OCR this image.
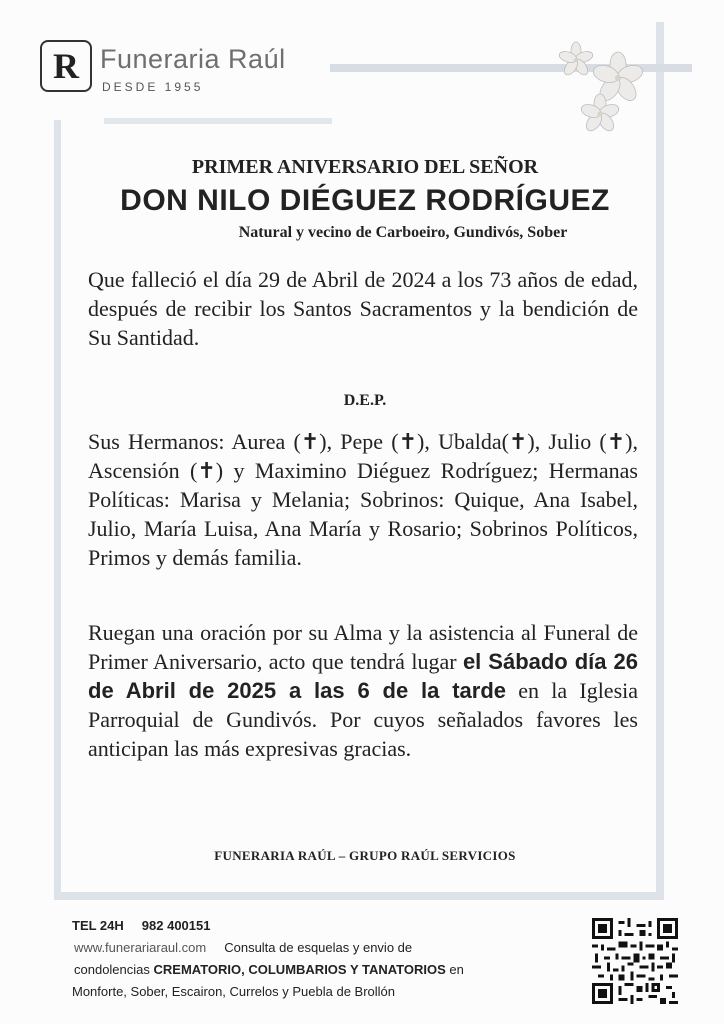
R Funeraria Raúl
DESDE 1955
PRIMER ANIVERSARIO DEL SEÑOR
DON NILO DIÉGUEZ RODRÍGUEZ
Natural y vecino de Carboeiro, Gundivós, Sober
Que falleció el día 29 de Abril de 2024 a los 73 años de edad, después de recibir los Santos Sacramentos y la bendición de Su Santidad.
D.E.P.
Sus Hermanos: Aurea (✝), Pepe (✝), Ubalda(✝), Julio (✝), Ascensión (✝) y Maximino Diéguez Rodríguez; Hermanas Políticas: Marisa y Melania; Sobrinos: Quique, Ana Isabel, Julio, María Luisa, Ana María y Rosario; Sobrinos Políticos, Primos y demás familia.
Ruegan una oración por su Alma y la asistencia al Funeral de Primer Aniversario, acto que tendrá lugar el Sábado día 26 de Abril de 2025 a las 6 de la tarde en la Iglesia Parroquial de Gundivós. Por cuyos señalados favores les anticipan las más expresivas gracias.
FUNERARIA RAÚL – GRUPO RAÚL SERVICIOS
TEL 24H 982 400151
www.funerariaraul.com Consulta de esquelas y envio de
condolencias CREMATORIO, COLUMBARIOS Y TANATORIOS en
Monforte, Sober, Escairon, Currelos y Puebla de Brollón
